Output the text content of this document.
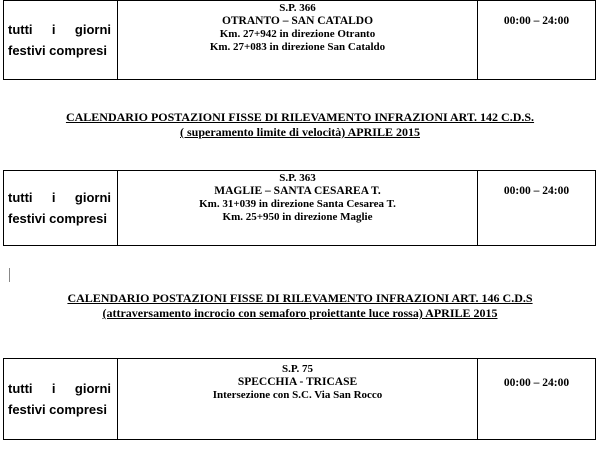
tutti i giorni
festivi compresi
S.P. 366
OTRANTO – SAN CATALDO
Km. 27+942 in direzione Otranto
Km. 27+083 in direzione San Cataldo
00:00 – 24:00
CALENDARIO POSTAZIONI FISSE DI RILEVAMENTO INFRAZIONI ART. 142 C.D.S.
( superamento limite di velocità) APRILE 2015
tutti i giorni
festivi compresi
S.P. 363
MAGLIE – SANTA CESAREA T.
Km. 31+039 in direzione Santa Cesarea T.
Km. 25+950 in direzione Maglie
00:00 – 24:00
CALENDARIO POSTAZIONI FISSE DI RILEVAMENTO INFRAZIONI ART. 146 C.D.S
(attraversamento incrocio con semaforo proiettante luce rossa) APRILE 2015
tutti i giorni
festivi compresi
S.P. 75
SPECCHIA - TRICASE
Intersezione con S.C. Via San Rocco
00:00 – 24:00
